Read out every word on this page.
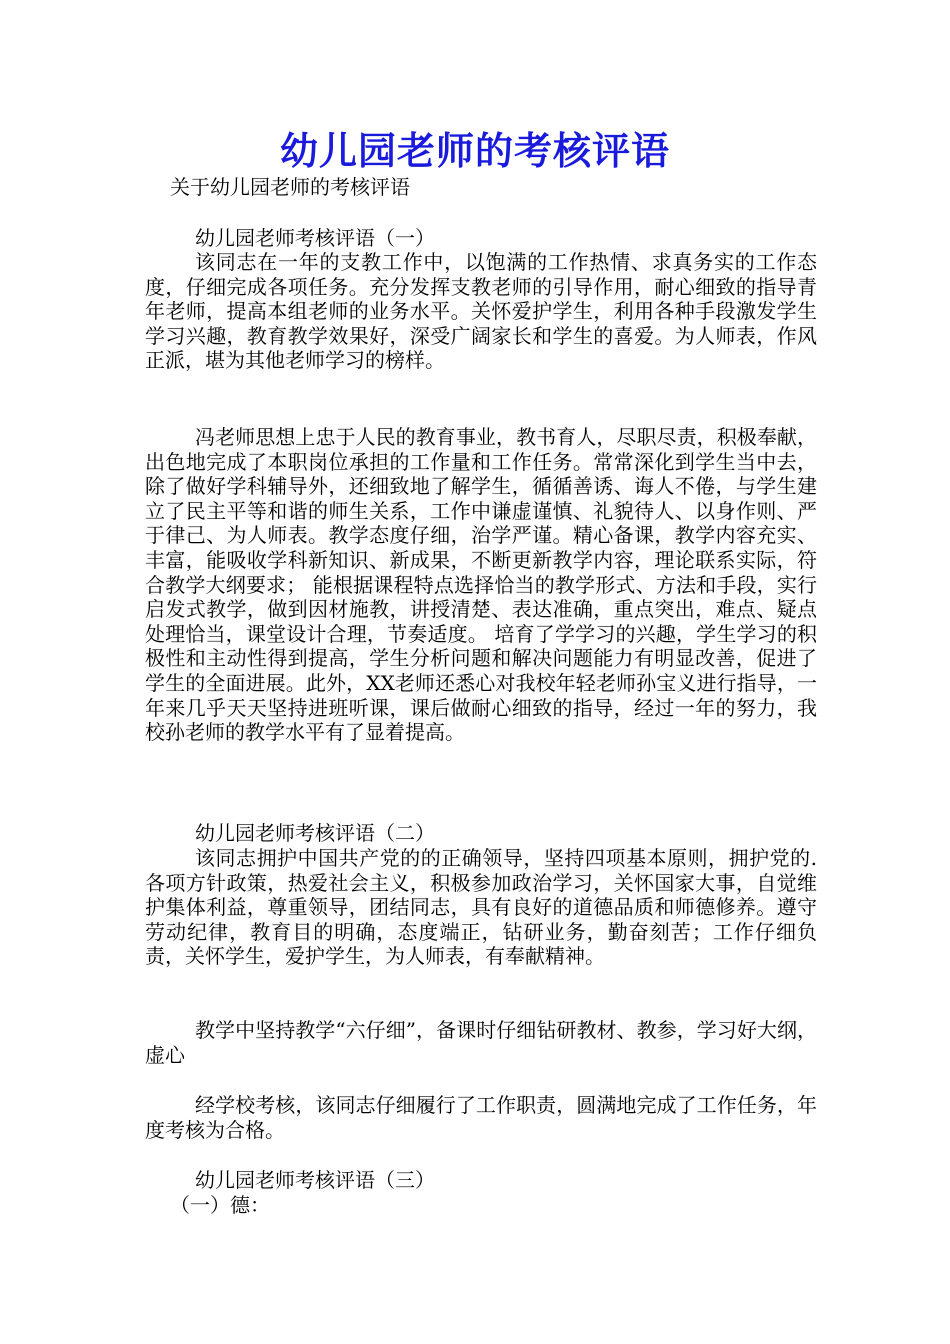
幼儿园老师的考核评语
关于幼儿园老师的考核评语
幼儿园老师考核评语（一）
该同志在一年的支教工作中，以饱满的工作热情、求真务实的工作态度，仔细完成各项任务。充分发挥支教老师的引导作用，耐心细致的指导青年老师，提高本组老师的业务水平。关怀爱护学生，利用各种手段激发学生学习兴趣，教育教学效果好，深受广阔家长和学生的喜爱。为人师表，作风正派，堪为其他老师学习的榜样。
冯老师思想上忠于人民的教育事业，教书育人，尽职尽责，积极奉献，出色地完成了本职岗位承担的工作量和工作任务。常常深化到学生当中去，除了做好学科辅导外，还细致地了解学生，循循善诱、诲人不倦，与学生建立了民主平等和谐的师生关系，工作中谦虚谨慎、礼貌待人、以身作则、严于律己、为人师表。教学态度仔细，治学严谨。精心备课，教学内容充实、丰富，能吸收学科新知识、新成果，不断更新教学内容，理论联系实际，符合教学大纲要求； 能根据课程特点选择恰当的教学形式、方法和手段，实行启发式教学，做到因材施教，讲授清楚、表达准确，重点突出，难点、疑点处理恰当，课堂设计合理，节奏适度。 培育了学学习的兴趣，学生学习的积极性和主动性得到提高，学生分析问题和解决问题能力有明显改善，促进了学生的全面进展。此外，XX老师还悉心对我校年轻老师孙宝义进行指导，一年来几乎天天坚持进班听课，课后做耐心细致的指导，经过一年的努力，我校孙老师的教学水平有了显着提高。
幼儿园老师考核评语（二）
该同志拥护中国共产党的的正确领导，坚持四项基本原则，拥护党的.各项方针政策，热爱社会主义，积极参加政治学习，关怀国家大事，自觉维护集体利益，尊重领导，团结同志，具有良好的道德品质和师德修养。遵守劳动纪律，教育目的明确，态度端正，钻研业务，勤奋刻苦；工作仔细负责，关怀学生，爱护学生，为人师表，有奉献精神。
教学中坚持教学“六仔细”，备课时仔细钻研教材、教参，学习好大纲，虚心
经学校考核，该同志仔细履行了工作职责，圆满地完成了工作任务，年度考核为合格。
幼儿园老师考核评语（三）
（一）德：
